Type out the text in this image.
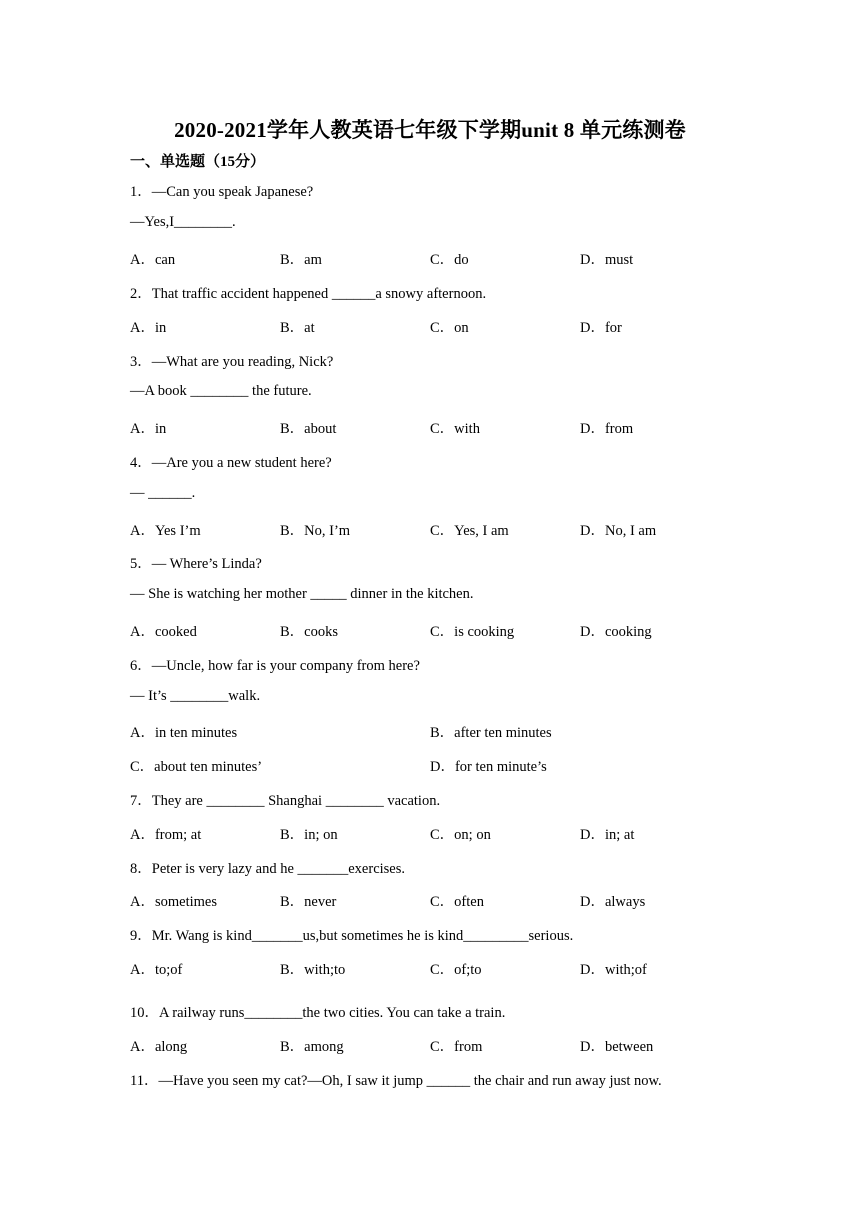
2020-2021学年人教英语七年级下学期unit 8 单元练测卷
一、单选题（15分）
1．—Can you speak Japanese?
—Yes,I________.
A．can	B．am	C．do	D．must
2．That traffic accident happened ______a snowy afternoon.
A．in	B．at	C．on	D．for
3．—What are you reading, Nick?
—A book ________ the future.
A．in	B．about	C．with	D．from
4．—Are you a new student here?
— ______.
A．Yes I’m	B．No, I’m	C．Yes, I am	D．No, I am
5．— Where’s Linda?
— She is watching her mother _____ dinner in the kitchen.
A．cooked	B．cooks	C．is cooking	D．cooking
6．—Uncle, how far is your company from here?
— It’s ________walk.
A．in ten minutes	B．after ten minutes
C．about ten minutes’	D．for ten minute’s
7．They are ________ Shanghai ________ vacation.
A．from; at	B．in; on	C．on; on	D．in; at
8．Peter is very lazy and he _______exercises.
A．sometimes	B．never	C．often	D．always
9．Mr. Wang is kind_______us,but sometimes he is kind_________serious.
A．to;of	B．with;to	C．of;to	D．with;of
10．A railway runs________the two cities. You can take a train.
A．along	B．among	C．from	D．between
11．—Have you seen my cat?—Oh, I saw it jump ______ the chair and run away just now.
